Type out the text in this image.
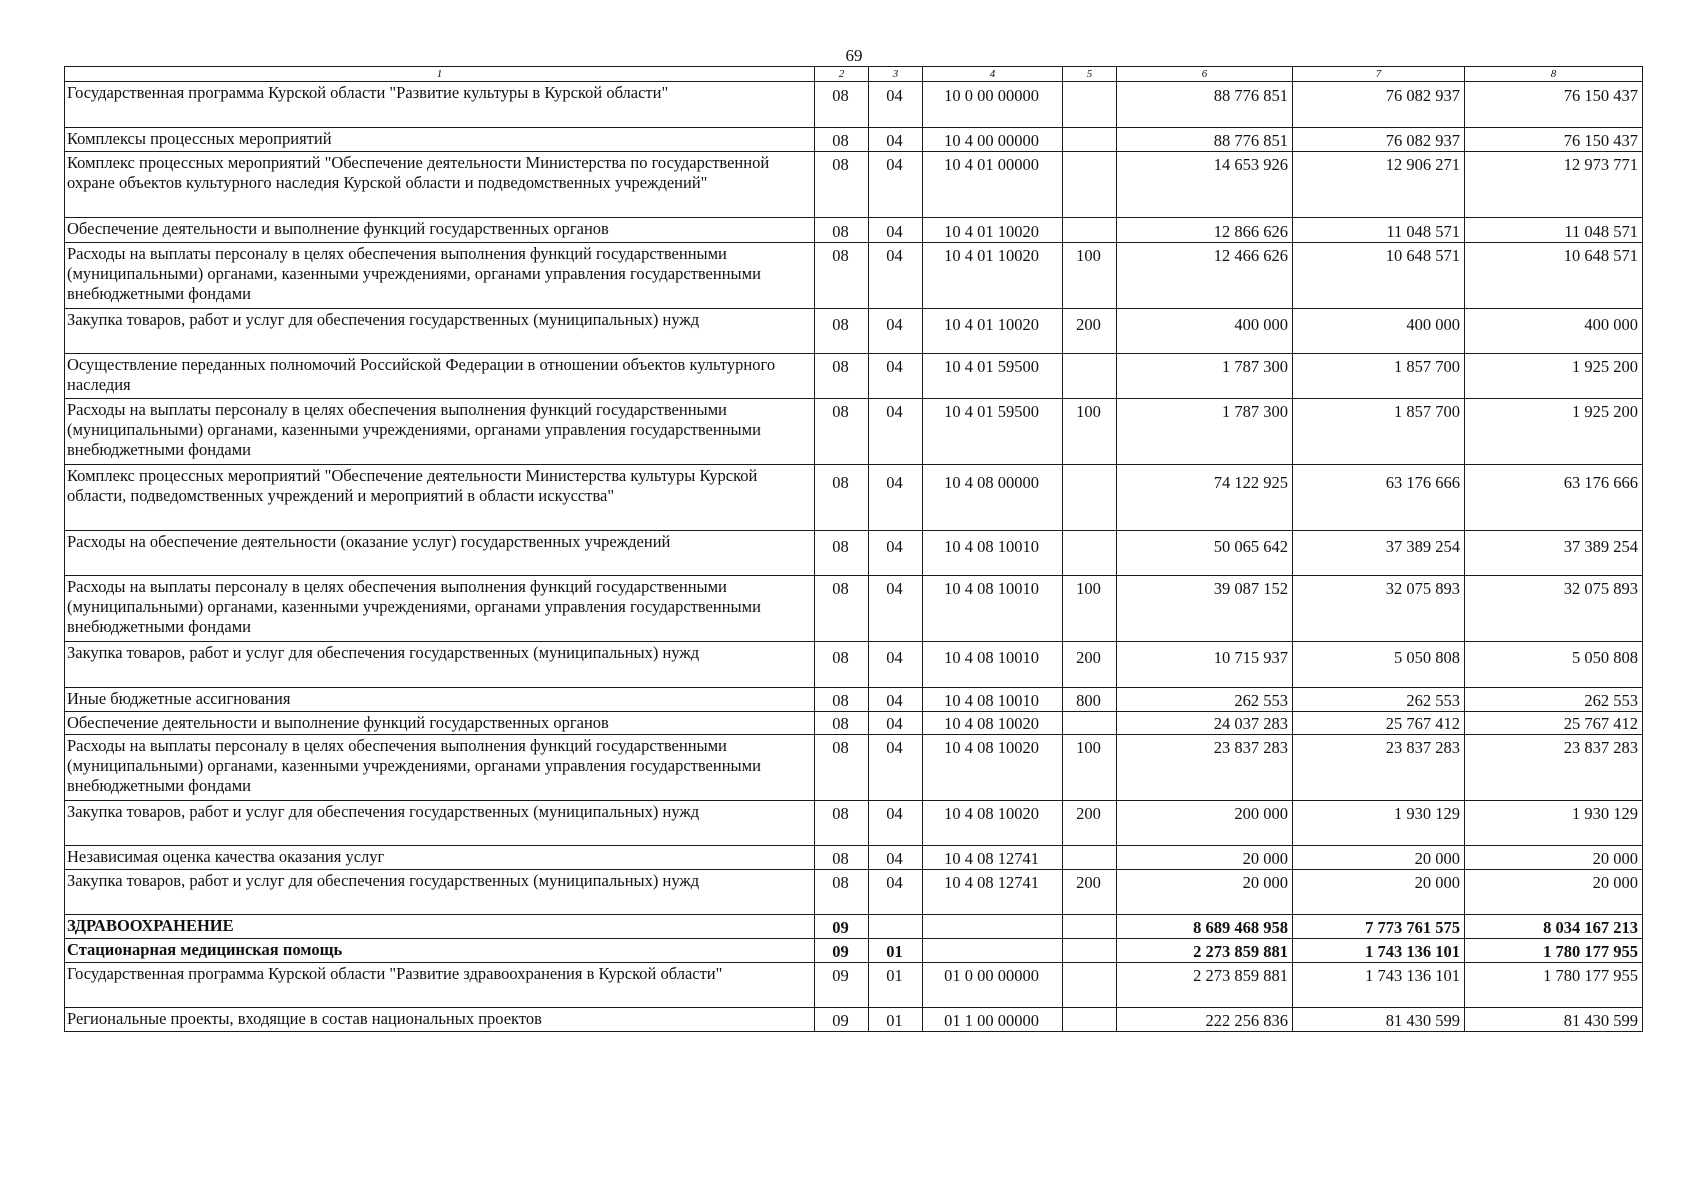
69
1	2	3	4	5	6	7	8
Государственная программа Курской области "Развитие культуры в Курской области"	08	04	10 0 00 00000		88 776 851	76 082 937	76 150 437
Комплексы процессных мероприятий	08	04	10 4 00 00000		88 776 851	76 082 937	76 150 437
Комплекс процессных мероприятий "Обеспечение деятельности Министерства по государственной охране объектов культурного наследия Курской области и подведомственных учреждений"	08	04	10 4 01 00000		14 653 926	12 906 271	12 973 771
Обеспечение деятельности и выполнение функций государственных органов	08	04	10 4 01 10020		12 866 626	11 048 571	11 048 571
Расходы на выплаты персоналу в целях обеспечения выполнения функций государственными (муниципальными) органами, казенными учреждениями, органами управления государственными внебюджетными фондами	08	04	10 4 01 10020	100	12 466 626	10 648 571	10 648 571
Закупка товаров, работ и услуг для обеспечения государственных (муниципальных) нужд	08	04	10 4 01 10020	200	400 000	400 000	400 000
Осуществление переданных полномочий Российской Федерации в отношении объектов культурного наследия	08	04	10 4 01 59500		1 787 300	1 857 700	1 925 200
Расходы на выплаты персоналу в целях обеспечения выполнения функций государственными (муниципальными) органами, казенными учреждениями, органами управления государственными внебюджетными фондами	08	04	10 4 01 59500	100	1 787 300	1 857 700	1 925 200
Комплекс процессных мероприятий "Обеспечение деятельности Министерства культуры Курской области, подведомственных учреждений и мероприятий в области искусства"	08	04	10 4 08 00000		74 122 925	63 176 666	63 176 666
Расходы на обеспечение деятельности (оказание услуг) государственных учреждений	08	04	10 4 08 10010		50 065 642	37 389 254	37 389 254
Расходы на выплаты персоналу в целях обеспечения выполнения функций государственными (муниципальными) органами, казенными учреждениями, органами управления государственными внебюджетными фондами	08	04	10 4 08 10010	100	39 087 152	32 075 893	32 075 893
Закупка товаров, работ и услуг для обеспечения государственных (муниципальных) нужд	08	04	10 4 08 10010	200	10 715 937	5 050 808	5 050 808
Иные бюджетные ассигнования	08	04	10 4 08 10010	800	262 553	262 553	262 553
Обеспечение деятельности и выполнение функций государственных органов	08	04	10 4 08 10020		24 037 283	25 767 412	25 767 412
Расходы на выплаты персоналу в целях обеспечения выполнения функций государственными (муниципальными) органами, казенными учреждениями, органами управления государственными внебюджетными фондами	08	04	10 4 08 10020	100	23 837 283	23 837 283	23 837 283
Закупка товаров, работ и услуг для обеспечения государственных (муниципальных) нужд	08	04	10 4 08 10020	200	200 000	1 930 129	1 930 129
Независимая оценка качества оказания услуг	08	04	10 4 08 12741		20 000	20 000	20 000
Закупка товаров, работ и услуг для обеспечения государственных (муниципальных) нужд	08	04	10 4 08 12741	200	20 000	20 000	20 000
ЗДРАВООХРАНЕНИЕ	09				8 689 468 958	7 773 761 575	8 034 167 213
Стационарная медицинская помощь	09	01			2 273 859 881	1 743 136 101	1 780 177 955
Государственная программа Курской области "Развитие здравоохранения в Курской области"	09	01	01 0 00 00000		2 273 859 881	1 743 136 101	1 780 177 955
Региональные проекты, входящие в состав национальных проектов	09	01	01 1 00 00000		222 256 836	81 430 599	81 430 599
